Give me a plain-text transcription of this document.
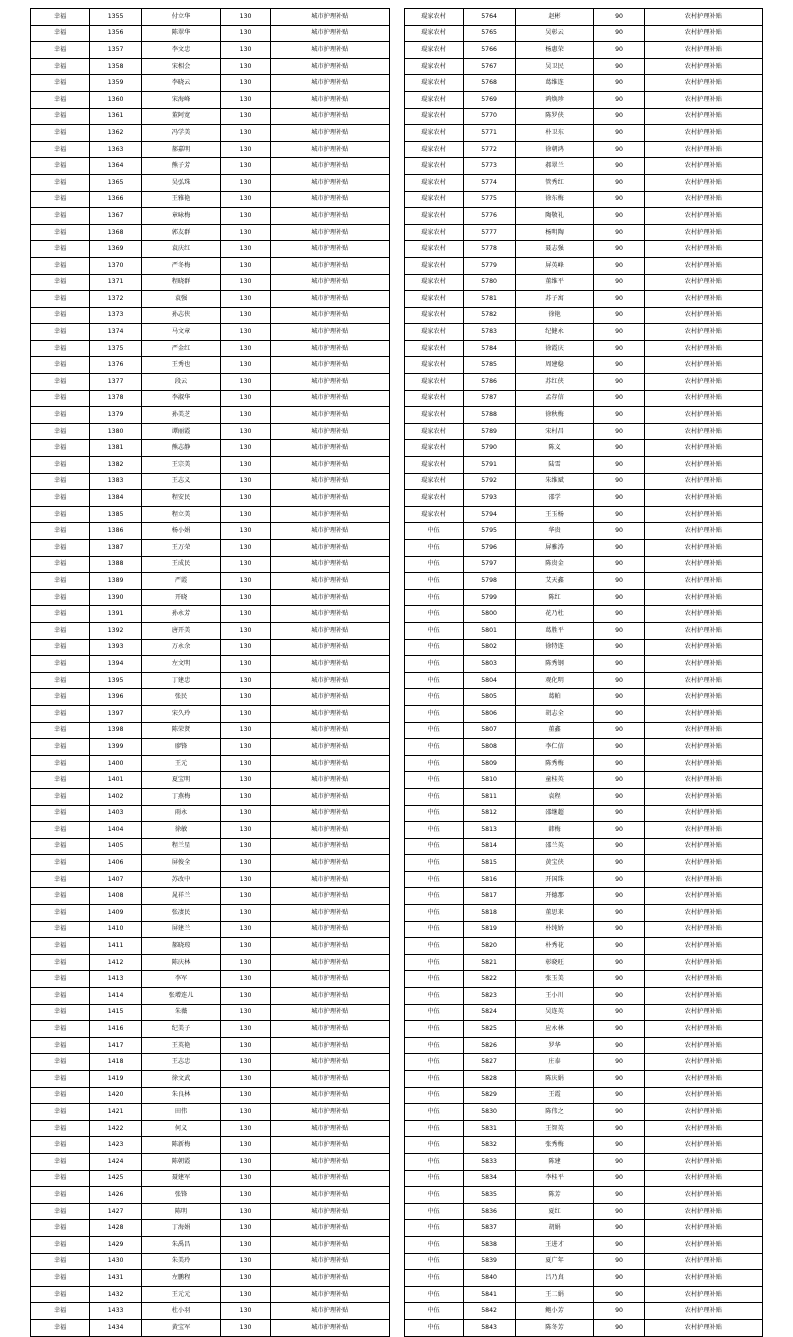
幸福	1355	付立华	130	城市护理补贴
幸福	1356	陈翠华	130	城市护理补贴
幸福	1357	李文忠	130	城市护理补贴
幸福	1358	宋相会	130	城市护理补贴
幸福	1359	李晓云	130	城市护理补贴
幸福	1360	宋海峰	130	城市护理补贴
幸福	1361	董阿宽	130	城市护理补贴
幸福	1362	冯学美	130	城市护理补贴
幸福	1363	郝嘉明	130	城市护理补贴
幸福	1364	熊子芳	130	城市护理补贴
幸福	1365	吴弘珠	130	城市护理补贴
幸福	1366	王雅艳	130	城市护理补贴
幸福	1367	章咏梅	130	城市护理补贴
幸福	1368	郭友群	130	城市护理补贴
幸福	1369	袁庆红	130	城市护理补贴
幸福	1370	严冬梅	130	城市护理补贴
幸福	1371	程晓群	130	城市护理补贴
幸福	1372	袁强	130	城市护理补贴
幸福	1373	孙志侠	130	城市护理补贴
幸福	1374	马文章	130	城市护理补贴
幸福	1375	严金红	130	城市护理补贴
幸福	1376	王秀也	130	城市护理补贴
幸福	1377	段云	130	城市护理补贴
幸福	1378	李淑华	130	城市护理补贴
幸福	1379	孙美芝	130	城市护理补贴
幸福	1380	谭丽霞	130	城市护理补贴
幸福	1381	熊志静	130	城市护理补贴
幸福	1382	王宗美	130	城市护理补贴
幸福	1383	王志义	130	城市护理补贴
幸福	1384	程安民	130	城市护理补贴
幸福	1385	程立美	130	城市护理补贴
幸福	1386	杨小娟	130	城市护理补贴
幸福	1387	王万荣	130	城市护理补贴
幸福	1388	王成民	130	城市护理补贴
幸福	1389	严霞	130	城市护理补贴
幸福	1390	开晓	130	城市护理补贴
幸福	1391	孙永芳	130	城市护理补贴
幸福	1392	唐开美	130	城市护理补贴
幸福	1393	万永余	130	城市护理补贴
幸福	1394	左文明	130	城市护理补贴
幸福	1395	丁建忠	130	城市护理补贴
幸福	1396	张民	130	城市护理补贴
幸福	1397	宋久玲	130	城市护理补贴
幸福	1398	陈荣贤	130	城市护理补贴
幸福	1399	廖锋	130	城市护理补贴
幸福	1400	王元	130	城市护理补贴
幸福	1401	夏宝明	130	城市护理补贴
幸福	1402	丁燕梅	130	城市护理补贴
幸福	1403	雨永	130	城市护理补贴
幸福	1404	徐敏	130	城市护理补贴
幸福	1405	程兰星	130	城市护理补贴
幸福	1406	屏俊全	130	城市护理补贴
幸福	1407	苏改中	130	城市护理补贴
幸福	1408	晁祥兰	130	城市护理补贴
幸福	1409	张凄民	130	城市护理补贴
幸福	1410	屏建兰	130	城市护理补贴
幸福	1411	郝晓琼	130	城市护理补贴
幸福	1412	陈庆林	130	城市护理补贴
幸福	1413	李军	130	城市护理补贴
幸福	1414	张增连儿	130	城市护理补贴
幸福	1415	朱薇	130	城市护理补贴
幸福	1416	纪美子	130	城市护理补贴
幸福	1417	王英艳	130	城市护理补贴
幸福	1418	王志忠	130	城市护理补贴
幸福	1419	徐文武	130	城市护理补贴
幸福	1420	朱良林	130	城市护理补贴
幸福	1421	田伟	130	城市护理补贴
幸福	1422	何义	130	城市护理补贴
幸福	1423	陈新梅	130	城市护理补贴
幸福	1424	陈朝霞	130	城市护理补贴
幸福	1425	聂建军	130	城市护理补贴
幸福	1426	张锋	130	城市护理补贴
幸福	1427	陈明	130	城市护理补贴
幸福	1428	丁海娟	130	城市护理补贴
幸福	1429	朱禹昌	130	城市护理补贴
幸福	1430	朱美玲	130	城市护理补贴
幸福	1431	左鹏程	130	城市护理补贴
幸福	1432	王元元	130	城市护理补贴
幸福	1433	杜小羽	130	城市护理补贴
幸福	1434	黄宝军	130	城市护理补贴
琨家农村	5764	赵彬	90	农村护理补贴
琨家农村	5765	吴彰云	90	农村护理补贴
琨家农村	5766	杨惠荣	90	农村护理补贴
琨家农村	5767	吴卫民	90	农村护理补贴
琨家农村	5768	葛维连	90	农村护理补贴
琨家农村	5769	鸿焕珍	90	农村护理补贴
琨家农村	5770	陈罗侠	90	农村护理补贴
琨家农村	5771	朴卫东	90	农村护理补贴
琨家农村	5772	徐朝鸿	90	农村护理补贴
琨家农村	5773	郝翠兰	90	农村护理补贴
琨家农村	5774	管秀红	90	农村护理补贴
琨家农村	5775	徐东梅	90	农村护理补贴
琨家农村	5776	陶敬礼	90	农村护理补贴
琨家农村	5777	杨明陶	90	农村护理补贴
琨家农村	5778	聂志强	90	农村护理补贴
琨家农村	5779	屏英峰	90	农村护理补贴
琨家农村	5780	董维平	90	农村护理补贴
琨家农村	5781	苏子寓	90	农村护理补贴
琨家农村	5782	徐艳	90	农村护理补贴
琨家农村	5783	纪健永	90	农村护理补贴
琨家农村	5784	徐霞庆	90	农村护理补贴
琨家农村	5785	周建稳	90	农村护理补贴
琨家农村	5786	苏红侠	90	农村护理补贴
琨家农村	5787	孟存信	90	农村护理补贴
琨家农村	5788	徐秋梅	90	农村护理补贴
琨家农村	5789	宋村昌	90	农村护理补贴
琨家农村	5790	陈义	90	农村护理补贴
琨家农村	5791	陆雪	90	农村护理补贴
琨家农村	5792	朱维斌	90	农村护理补贴
琨家农村	5793	邵学	90	农村护理补贴
琨家农村	5794	王玉杨	90	农村护理补贴
中伍	5795	华贵	90	农村护理补贴
中伍	5796	屏雅涛	90	农村护理补贴
中伍	5797	陈贵金	90	农村护理补贴
中伍	5798	艾天鑫	90	农村护理补贴
中伍	5799	陈红	90	农村护理补贴
中伍	5800	花乃杜	90	农村护理补贴
中伍	5801	葛胜平	90	农村护理补贴
中伍	5802	徐特连	90	农村护理补贴
中伍	5803	陈秀钢	90	农村护理补贴
中伍	5804	观化明	90	农村护理补贴
中伍	5805	葛帕	90	农村护理补贴
中伍	5806	胡志全	90	农村护理补贴
中伍	5807	董鑫	90	农村护理补贴
中伍	5808	李仁信	90	农村护理补贴
中伍	5809	陈秀梅	90	农村护理补贴
中伍	5810	童桂英	90	农村护理补贴
中伍	5811	袁程	90	农村护理补贴
中伍	5812	邵继超	90	农村护理补贴
中伍	5813	韩梅	90	农村护理补贴
中伍	5814	邵兰英	90	农村护理补贴
中伍	5815	黄宝侠	90	农村护理补贴
中伍	5816	开国珠	90	农村护理补贴
中伍	5817	开德那	90	农村护理补贴
中伍	5818	董思来	90	农村护理补贴
中伍	5819	朴纯娇	90	农村护理补贴
中伍	5820	朴秀花	90	农村护理补贴
中伍	5821	彰晓旺	90	农村护理补贴
中伍	5822	张玉美	90	农村护理补贴
中伍	5823	王小川	90	农村护理补贴
中伍	5824	吴连英	90	农村护理补贴
中伍	5825	应永林	90	农村护理补贴
中伍	5826	罗华	90	农村护理补贴
中伍	5827	庄泰	90	农村护理补贴
中伍	5828	陈庆娟	90	农村护理补贴
中伍	5829	王霞	90	农村护理补贴
中伍	5830	陈伟之	90	农村护理补贴
中伍	5831	王智英	90	农村护理补贴
中伍	5832	张秀梅	90	农村护理补贴
中伍	5833	陈建	90	农村护理补贴
中伍	5834	李桂平	90	农村护理补贴
中伍	5835	陈芳	90	农村护理补贴
中伍	5836	夏红	90	农村护理补贴
中伍	5837	胡娟	90	农村护理补贴
中伍	5838	王进才	90	农村护理补贴
中伍	5839	夏广年	90	农村护理补贴
中伍	5840	吕乃真	90	农村护理补贴
中伍	5841	王二娟	90	农村护理补贴
中伍	5842	鲍小芳	90	农村护理补贴
中伍	5843	陈冬芳	90	农村护理补贴
